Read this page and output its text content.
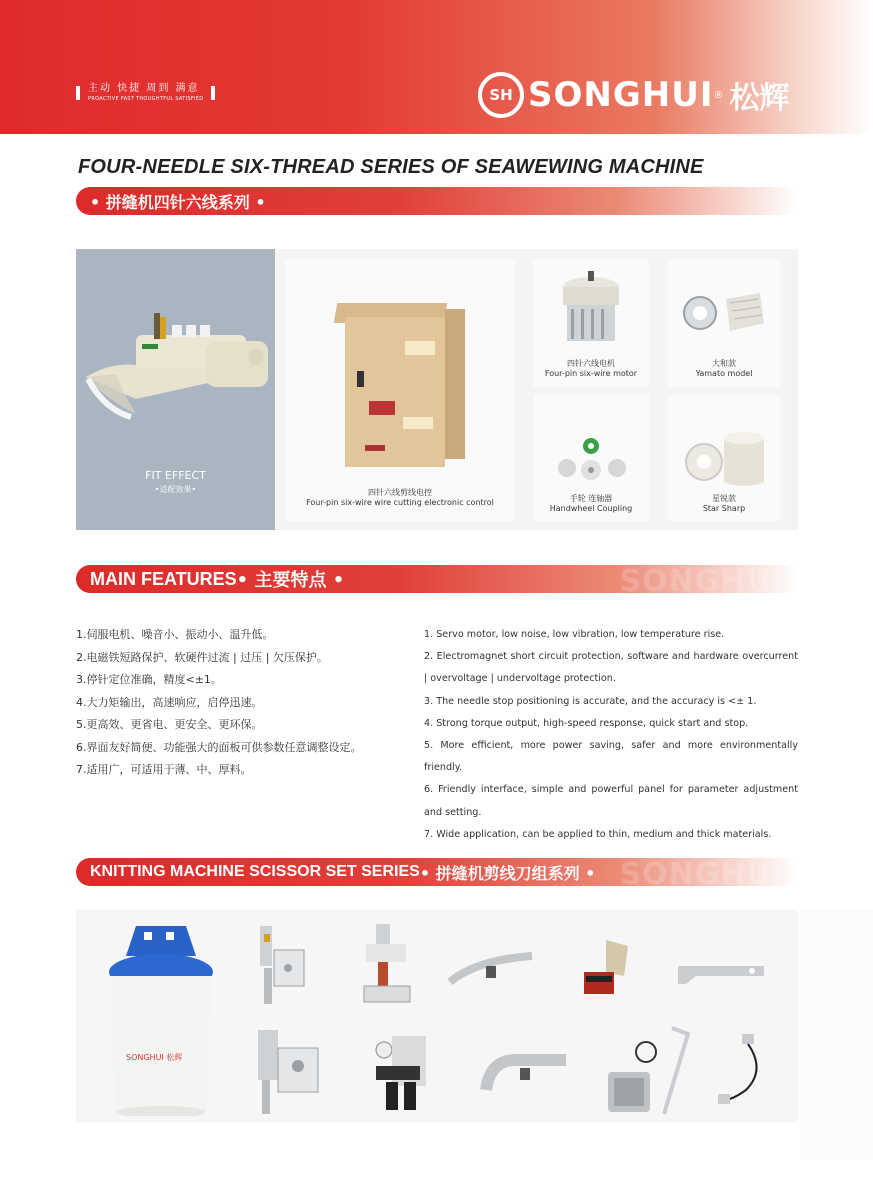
主动 快捷 周到 满意
PROACTIVE FAST THOUGHTFUL SATISFIED	SH SONGHUI ® 松辉
FOUR-NEEDLE SIX-THREAD SERIES OF SEAWEWING MACHINE
• 拼缝机四针六线系列 •
FIT EFFECT
•适配效果•	四针六线剪线电控
Four-pin six-wire wire cutting electronic control
四针六线电机
Four-pin six-wire motor
大和款
Yamato model
手轮 连轴器
Handwheel Coupling
星锐款
Star Sharp
MAIN FEATURES • 主要特点 •	SONGHUI

1.伺服电机、噪音小、振动小、温升低。

2.电磁铁短路保护、软硬件过流 | 过压 | 欠压保护。

3.停针定位准确，精度<±1。

4.大力矩输出，高速响应，启停迅速。

5.更高效、更省电、更安全、更环保。

6.界面友好简便、功能强大的面板可供参数任意调整设定。

7.适用广，可适用于薄、中、厚料。

1. Servo motor, low noise, low vibration, low temperature rise.

2. Electromagnet short circuit protection, software and hardware overcurrent | overvoltage | undervoltage protection.

3. The needle stop positioning is accurate, and the accuracy is <± 1.

4. Strong torque output, high-speed response, quick start and stop.

5. More efficient, more power saving, safer and more environmentally friendly.

6. Friendly interface, simple and powerful panel for parameter adjustment and setting.

7. Wide application, can be applied to thin, medium and thick materials.

KNITTING MACHINE SCISSOR SET SERIES • 拼缝机剪线刀组系列 • SONGHUI
SONGHUI 松辉
